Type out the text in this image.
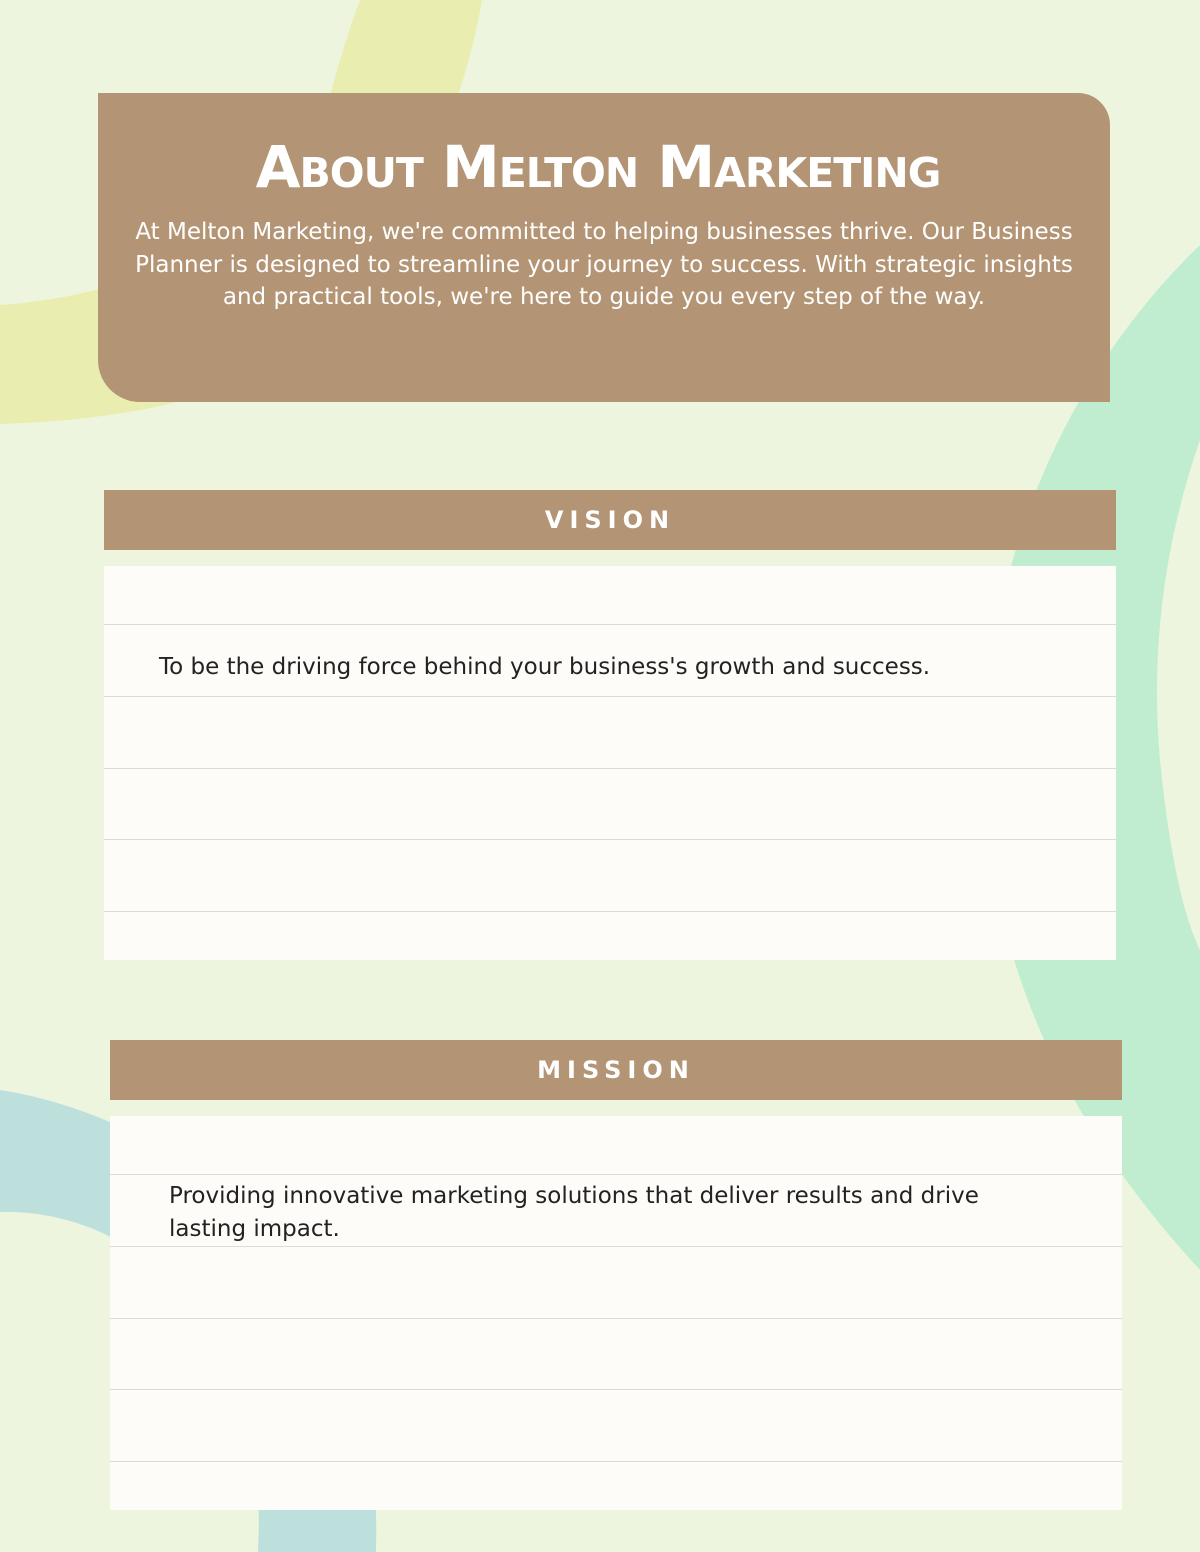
About Melton Marketing

At Melton Marketing, we're committed to helping businesses thrive. Our Business Planner is designed to streamline your journey to success. With strategic insights and practical tools, we're here to guide you every step of the way.

VISION

To be the driving force behind your business's growth and success.

MISSION

Providing innovative marketing solutions that deliver results and drive lasting impact.
